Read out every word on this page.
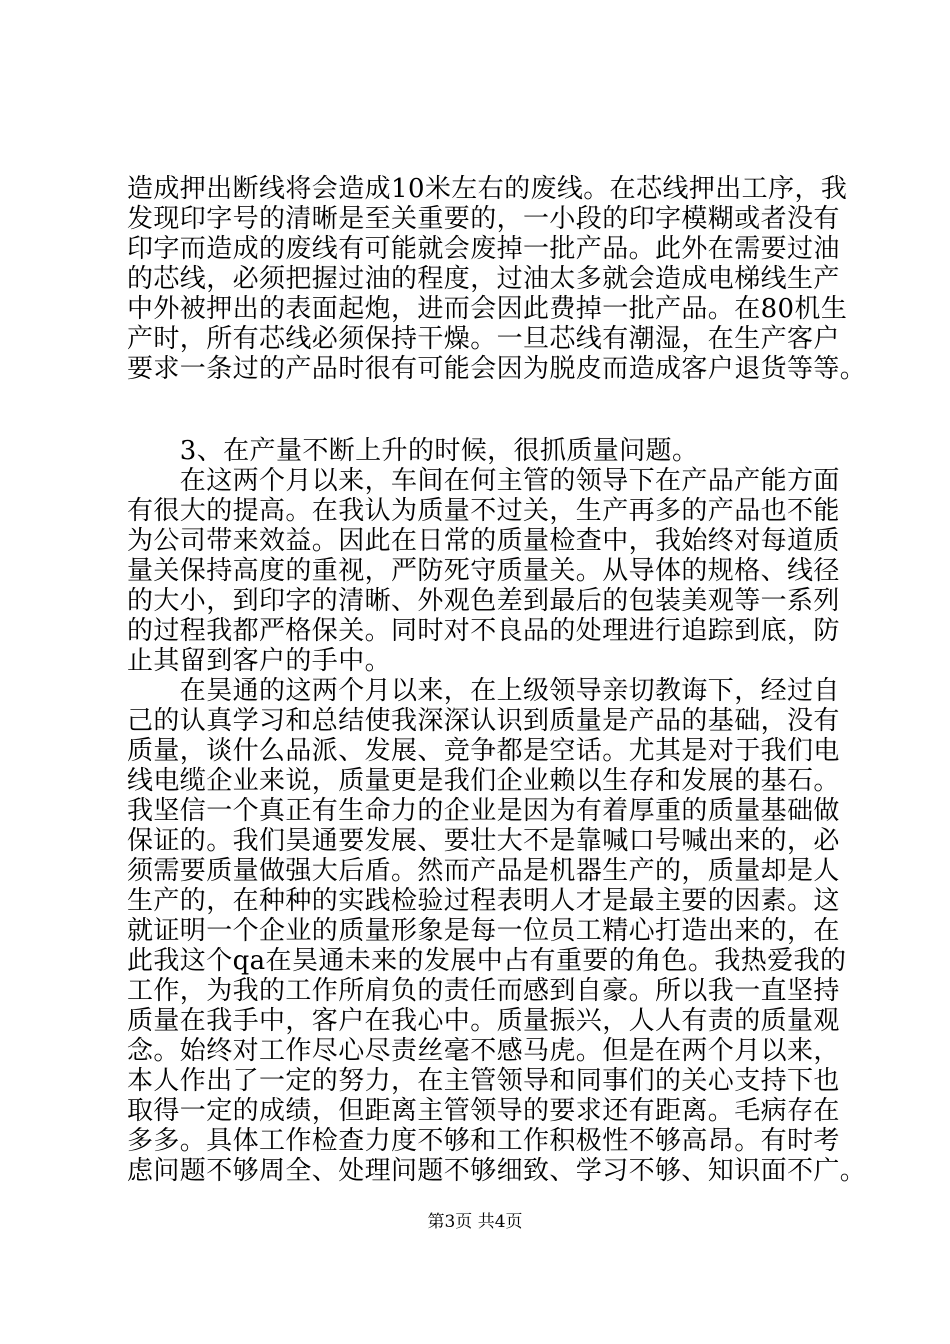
造成押出断线将会造成10米左右的废线。在芯线押出工序，我
发现印字号的清晰是至关重要的，一小段的印字模糊或者没有
印字而造成的废线有可能就会废掉一批产品。此外在需要过油
的芯线，必须把握过油的程度，过油太多就会造成电梯线生产
中外被押出的表面起炮，进而会因此费掉一批产品。在80机生
产时，所有芯线必须保持干燥。一旦芯线有潮湿，在生产客户
要求一条过的产品时很有可能会因为脱皮而造成客户退货等等。
　　3、在产量不断上升的时候，很抓质量问题。
　　在这两个月以来，车间在何主管的领导下在产品产能方面
有很大的提高。在我认为质量不过关，生产再多的产品也不能
为公司带来效益。因此在日常的质量检查中，我始终对每道质
量关保持高度的重视，严防死守质量关。从导体的规格、线径
的大小，到印字的清晰、外观色差到最后的包装美观等一系列
的过程我都严格保关。同时对不良品的处理进行追踪到底，防
止其留到客户的手中。
　　在昊通的这两个月以来，在上级领导亲切教诲下，经过自
己的认真学习和总结使我深深认识到质量是产品的基础，没有
质量，谈什么品派、发展、竞争都是空话。尤其是对于我们电
线电缆企业来说，质量更是我们企业赖以生存和发展的基石。
我坚信一个真正有生命力的企业是因为有着厚重的质量基础做
保证的。我们昊通要发展、要壮大不是靠喊口号喊出来的，必
须需要质量做强大后盾。然而产品是机器生产的，质量却是人
生产的，在种种的实践检验过程表明人才是最主要的因素。这
就证明一个企业的质量形象是每一位员工精心打造出来的，在
此我这个qa在昊通未来的发展中占有重要的角色。我热爱我的
工作，为我的工作所肩负的责任而感到自豪。所以我一直坚持
质量在我手中，客户在我心中。质量振兴，人人有责的质量观
念。始终对工作尽心尽责丝毫不感马虎。但是在两个月以来，
本人作出了一定的努力，在主管领导和同事们的关心支持下也
取得一定的成绩，但距离主管领导的要求还有距离。毛病存在
多多。具体工作检查力度不够和工作积极性不够高昂。有时考
虑问题不够周全、处理问题不够细致、学习不够、知识面不广。
第3页 共4页
